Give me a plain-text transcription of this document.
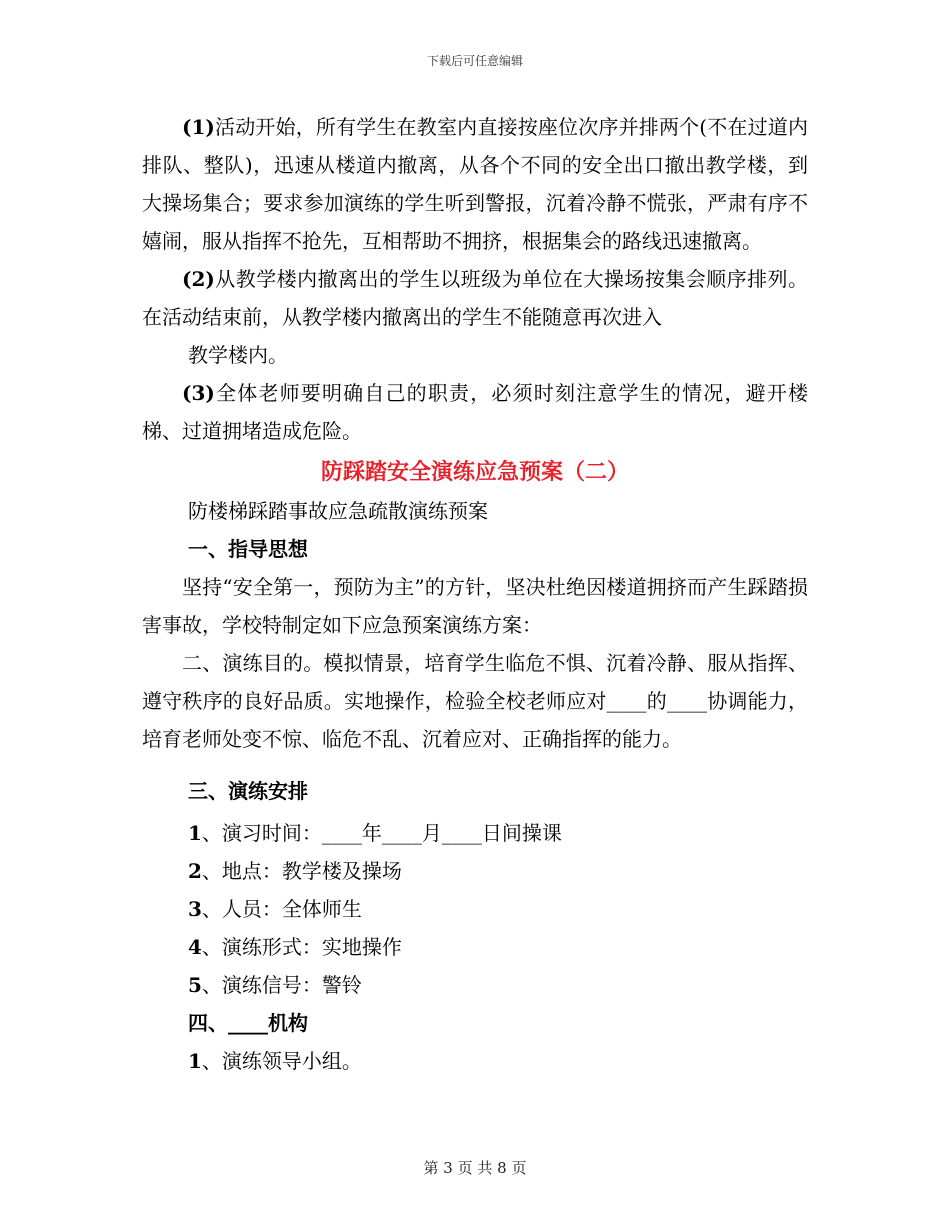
下载后可任意编辑

(1)活动开始，所有学生在教室内直接按座位次序并排两个(不在过道内排队、整队)，迅速从楼道内撤离，从各个不同的安全出口撤出教学楼，到大操场集合；要求参加演练的学生听到警报，沉着冷静不慌张，严肃有序不嬉闹，服从指挥不抢先，互相帮助不拥挤，根据集会的路线迅速撤离。

(2)从教学楼内撤离出的学生以班级为单位在大操场按集会顺序排列。在活动结束前，从教学楼内撤离出的学生不能随意再次进入

教学楼内。

(3)全体老师要明确自己的职责，必须时刻注意学生的情况，避开楼梯、过道拥堵造成危险。

防踩踏安全演练应急预案（二）

防楼梯踩踏事故应急疏散演练预案

一、指导思想

坚持“安全第一，预防为主”的方针，坚决杜绝因楼道拥挤而产生踩踏损害事故，学校特制定如下应急预案演练方案：

二、演练目的。模拟情景，培育学生临危不惧、沉着冷静、服从指挥、遵守秩序的良好品质。实地操作，检验全校老师应对____的____协调能力，培育老师处变不惊、临危不乱、沉着应对、正确指挥的能力。

三、演练安排

1、演习时间：____年____月____日间操课

2、地点：教学楼及操场

3、人员：全体师生

4、演练形式：实地操作

5、演练信号：警铃

四、____机构

1、演练领导小组。

第 3 页 共 8 页
